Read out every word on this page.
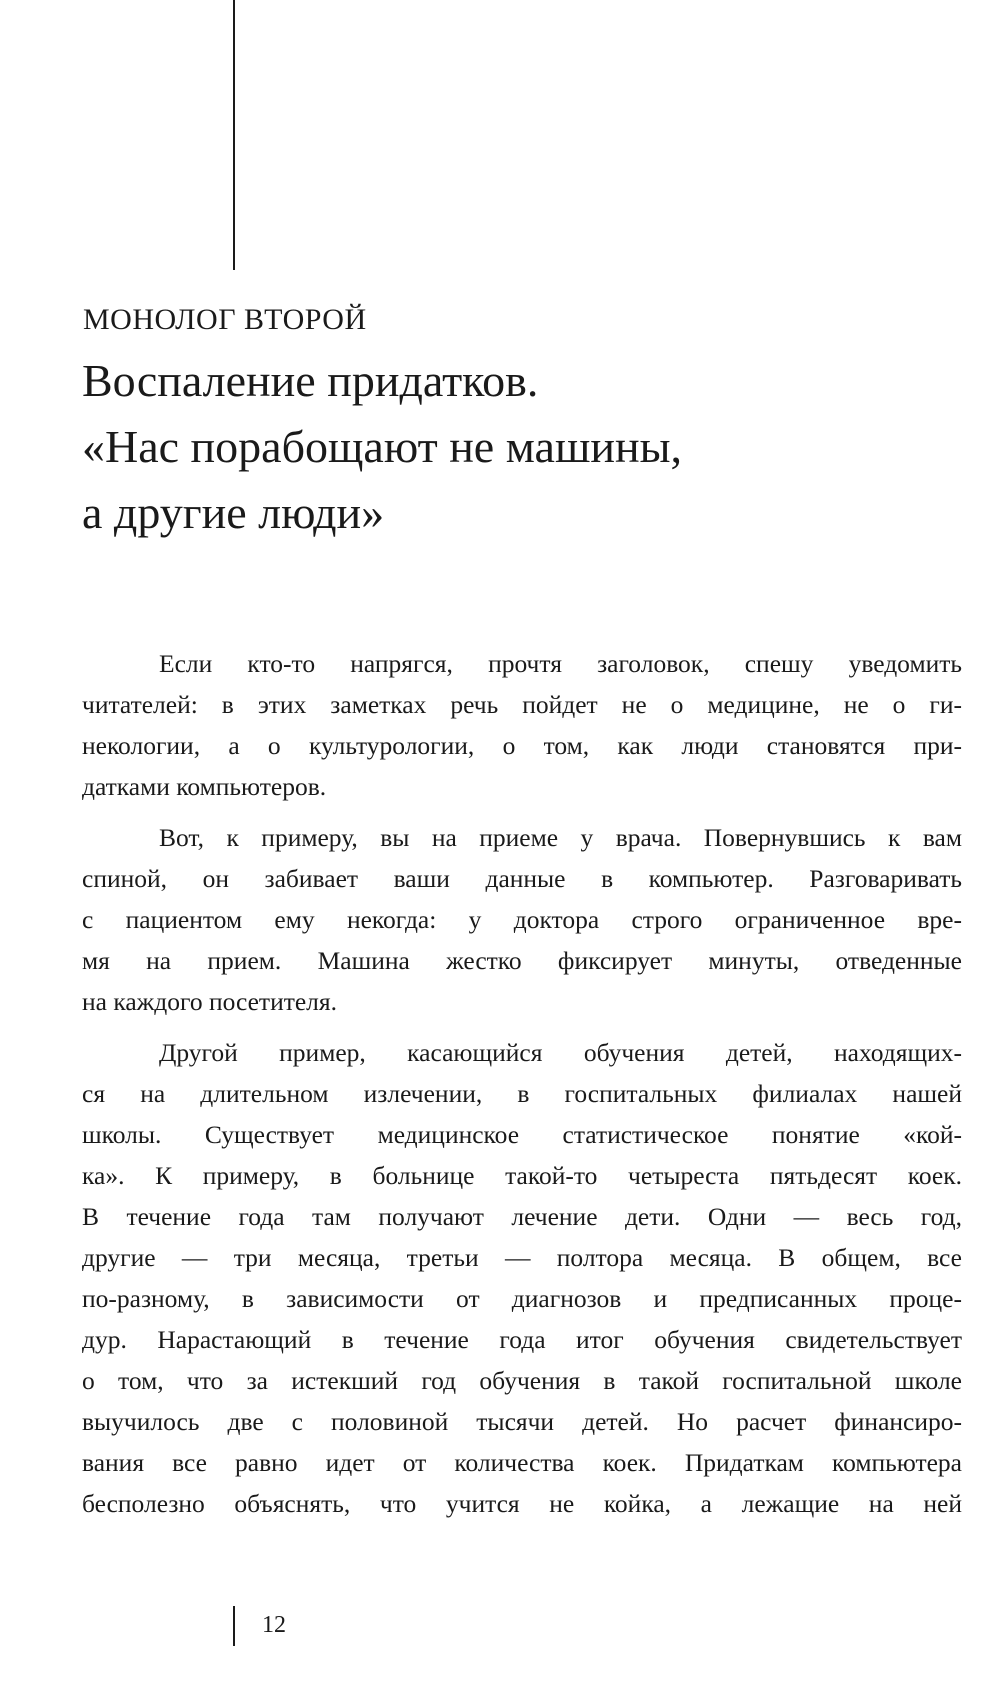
МОНОЛОГ ВТОРОЙ
Воспаление придатков.
«Нас порабощают не машины,
а другие люди»
Если кто-то напрягся, прочтя заголовок, спешу уведомить
читателей: в этих заметках речь пойдет не о медицине, не о ги-
некологии, а о культурологии, о том, как люди становятся при-
датками компьютеров.
Вот, к примеру, вы на приеме у врача. Повернувшись к вам
спиной, он забивает ваши данные в компьютер. Разговаривать
с пациентом ему некогда: у доктора строго ограниченное вре-
мя на прием. Машина жестко фиксирует минуты, отведенные
на каждого посетителя.
Другой пример, касающийся обучения детей, находящих-
ся на длительном излечении, в госпитальных филиалах нашей
школы. Существует медицинское статистическое понятие «кой-
ка». К примеру, в больнице такой-то четыреста пятьдесят коек.
В течение года там получают лечение дети. Одни — весь год,
другие — три месяца, третьи — полтора месяца. В общем, все
по-разному, в зависимости от диагнозов и предписанных проце-
дур. Нарастающий в течение года итог обучения свидетельствует
о том, что за истекший год обучения в такой госпитальной школе
выучилось две с половиной тысячи детей. Но расчет финансиро-
вания все равно идет от количества коек. Придаткам компьютера
бесполезно объяснять, что учится не койка, а лежащие на ней
12
